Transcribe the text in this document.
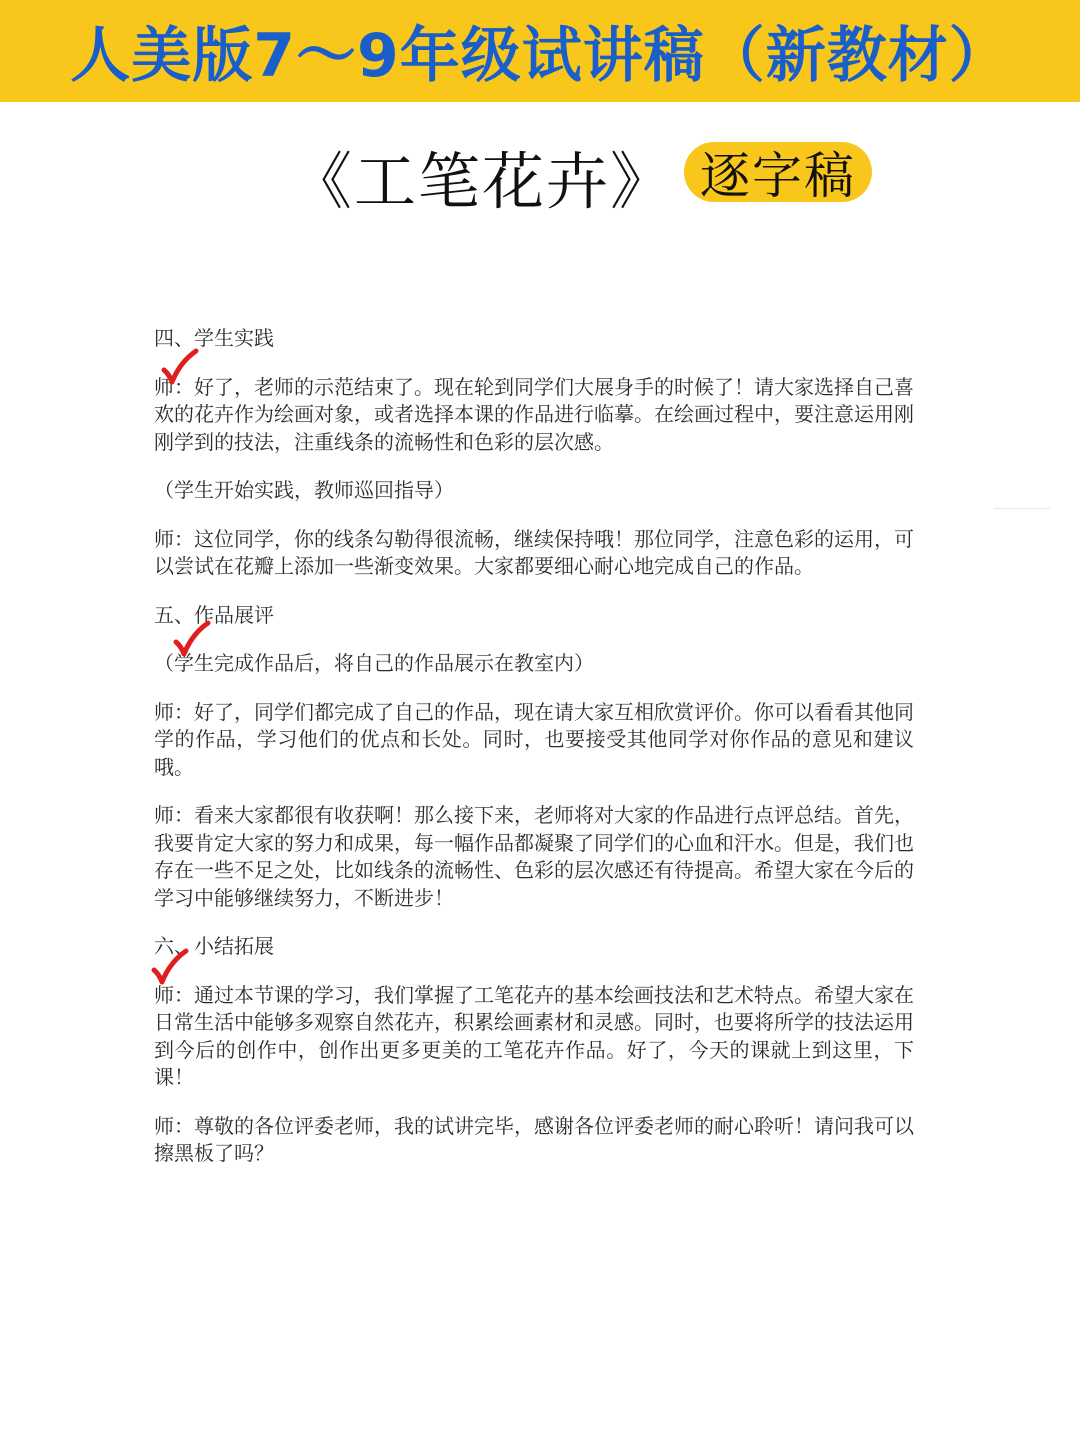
人美版7～9年级试讲稿（新教材）
《工笔花卉》 逐字稿

四、学生实践

师：好了，老师的示范结束了。现在轮到同学们大展身手的时候了！请大家选择自己喜欢的花卉作为绘画对象，或者选择本课的作品进行临摹。在绘画过程中，要注意运用刚刚学到的技法，注重线条的流畅性和色彩的层次感。

（学生开始实践，教师巡回指导）

师：这位同学，你的线条勾勒得很流畅，继续保持哦！那位同学，注意色彩的运用，可以尝试在花瓣上添加一些渐变效果。大家都要细心耐心地完成自己的作品。

五、作品展评

（学生完成作品后，将自己的作品展示在教室内）

师：好了，同学们都完成了自己的作品，现在请大家互相欣赏评价。你可以看看其他同学的作品，学习他们的优点和长处。同时，也要接受其他同学对你作品的意见和建议哦。

师：看来大家都很有收获啊！那么接下来，老师将对大家的作品进行点评总结。首先，我要肯定大家的努力和成果，每一幅作品都凝聚了同学们的心血和汗水。但是，我们也存在一些不足之处，比如线条的流畅性、色彩的层次感还有待提高。希望大家在今后的学习中能够继续努力，不断进步！

六、小结拓展

师：通过本节课的学习，我们掌握了工笔花卉的基本绘画技法和艺术特点。希望大家在日常生活中能够多观察自然花卉，积累绘画素材和灵感。同时，也要将所学的技法运用到今后的创作中，创作出更多更美的工笔花卉作品。好了，今天的课就上到这里，下课！

师：尊敬的各位评委老师，我的试讲完毕，感谢各位评委老师的耐心聆听！请问我可以擦黑板了吗？
